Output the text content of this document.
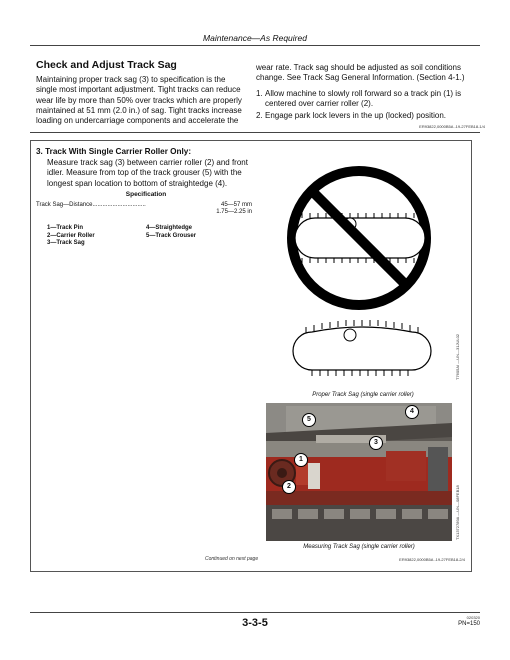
Maintenance—As Required
Check and Adjust Track Sag
Maintaining proper track sag (3) to specification is the
single most important adjustment. Tight tracks can reduce
wear life by more than 50% over tracks which are properly
maintained at 51 mm (2.0 in.) of sag. Tight tracks increase
loading on undercarriage components and accelerate the
wear rate. Track sag should be adjusted as soil conditions
change. See Track Sag General Information. (Section 4-1.)
1. Allow machine to slowly roll forward so a track pin (1) is
centered over carrier roller (2).
2. Engage park lock levers in the up (locked) position.
ER93822,0000B5A -19-27FEB18-1/4
3. Track With Single Carrier Roller Only:
Measure track sag (3) between carrier roller (2) and front
idler. Measure from top of the track grouser (5) with the
longest span location to bottom of straightedge (4).
Specification
Track Sag—Distance................................	45—57 mm
1.75—2.25 in
1—Track Pin
2—Carrier Roller
3—Track Sag
4—Straightedge
5—Track Grouser
T7605AI —UN—31JUL02
Proper Track Sag (single carrier roller)
5
4
3
1
2	TX1372789A —UN—08FEB18
Measuring Track Sag (single carrier roller)
Continued on next page	ER93822,0000B5A -19-27FEB18-2/4
3-3-5	020320
PN=150
